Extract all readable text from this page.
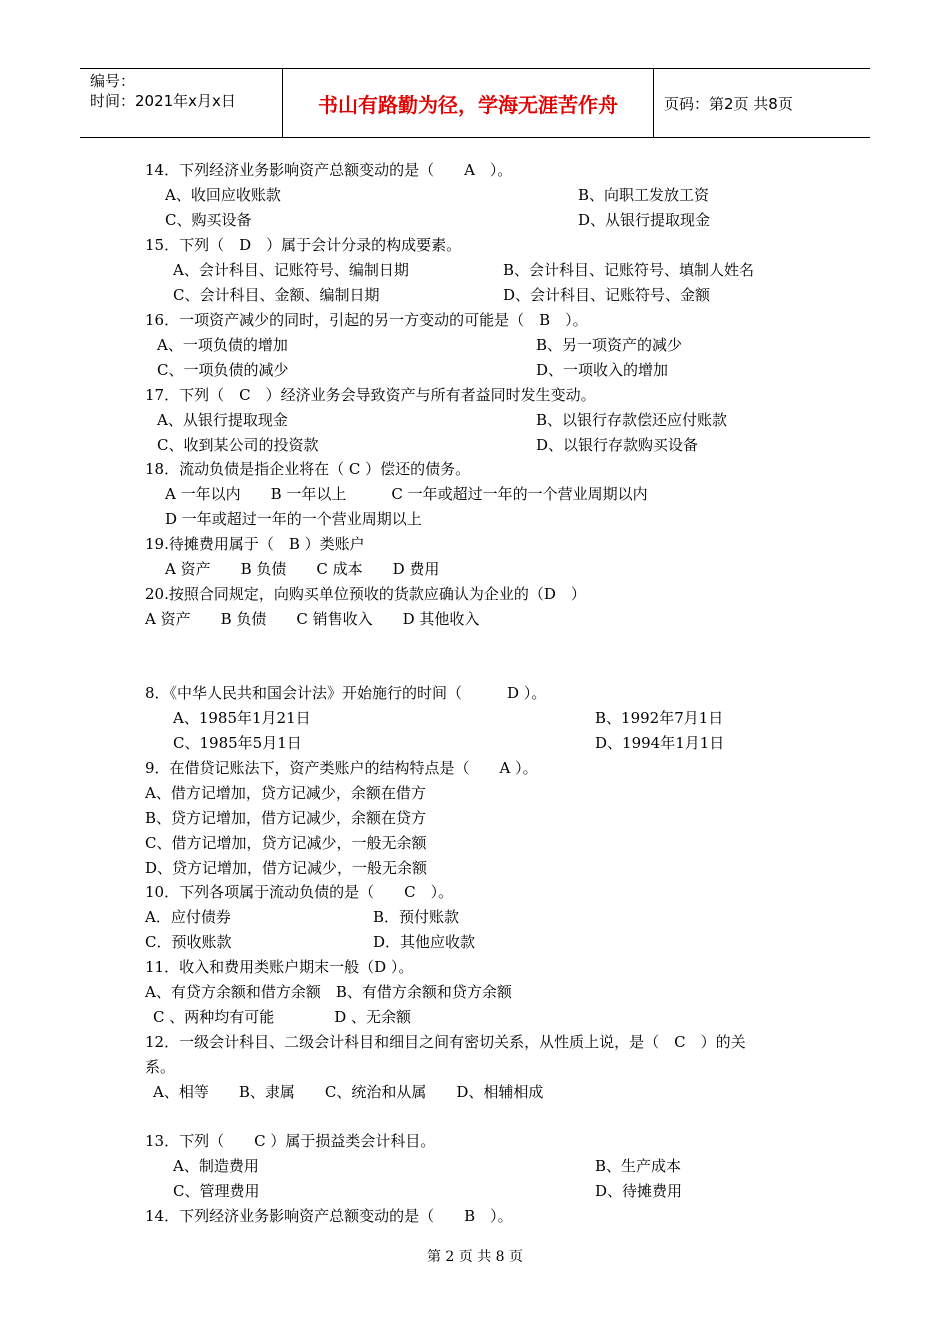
编号：
时间：2021年x月x日	书山有路勤为径，学海无涯苦作舟	页码：第2页 共8页
14．下列经济业务影响资产总额变动的是（　　A　）。
A、收回应收账款	B、向职工发放工资
C、购买设备	D、从银行提取现金
15．下列（　D　）属于会计分录的构成要素。
A、会计科目、记账符号、编制日期	B、会计科目、记账符号、填制人姓名
C、会计科目、金额、编制日期	D、会计科目、记账符号、金额
16．一项资产减少的同时，引起的另一方变动的可能是（　B　）。
A、一项负债的增加	B、另一项资产的减少
C、一项负债的减少	D、一项收入的增加
17．下列（　C　）经济业务会导致资产与所有者益同时发生变动。
A、从银行提取现金	B、以银行存款偿还应付账款
C、收到某公司的投资款	D、以银行存款购买设备
18．流动负债是指企业将在（ C ）偿还的债务。
A 一年以内　　B 一年以上　　　C 一年或超过一年的一个营业周期以内
D 一年或超过一年的一个营业周期以上
19.待摊费用属于（　B ）类账户
A 资产　　B 负债　　C 成本　　D 费用
20.按照合同规定，向购买单位预收的货款应确认为企业的（D　）
A 资产　　B 负债　　C 销售收入　　D 其他收入
8．《中华人民共和国会计法》开始施行的时间（　　　D ）。
A、1985年1月21日	B、1992年7月1日
C、1985年5月1日	D、1994年1月1日
9．在借贷记账法下，资产类账户的结构特点是（　　A ）。
A、借方记增加，贷方记减少，余额在借方
B、贷方记增加，借方记减少，余额在贷方
C、借方记增加，贷方记减少，一般无余额
D、贷方记增加，借方记减少，一般无余额
10．下列各项属于流动负债的是（　　C　）。
A．应付债券	B．预付账款
C．预收账款	D．其他应收款
11．收入和费用类账户期末一般（D ）。
A、有贷方余额和借方余额　B、有借方余额和贷方余额
C 、两种均有可能　　　　D 、无余额
12．一级会计科目、二级会计科目和细目之间有密切关系，从性质上说，是（　C　）的关
系。
A、相等　　B、隶属　　C、统治和从属　　D、相辅相成
13．下列（　　C ）属于损益类会计科目。
A、制造费用	B、生产成本
C、管理费用	D、待摊费用
14．下列经济业务影响资产总额变动的是（　　B　）。
第 2 页 共 8 页
